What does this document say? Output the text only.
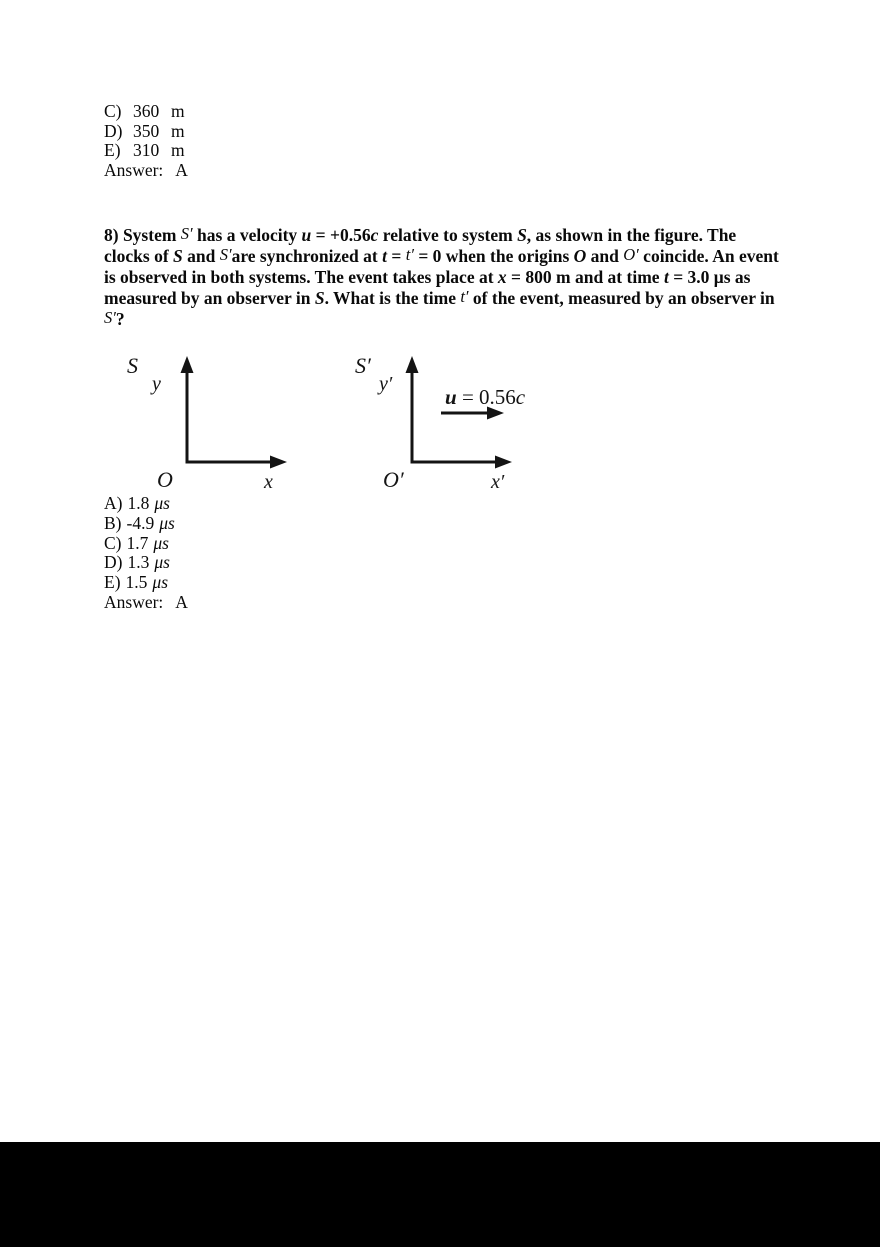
C) 360 m
D) 350 m
E) 310 m
Answer: A
8) System S′ has a velocity u = +0.56c relative to system S, as shown in the figure. The
clocks of S and S′are synchronized at t = t′ = 0 when the origins O and O′ coincide. An event
is observed in both systems. The event takes place at x = 800 m and at time t = 3.0 μs as
measured by an observer in S. What is the time t′ of the event, measured by an observer in
S′?
S
y
O	x
S′
y′
O′	x′
u = 0.56c
A) 1.8 μs
B) -4.9 μs
C) 1.7 μs
D) 1.3 μs
E) 1.5 μs
Answer: A
